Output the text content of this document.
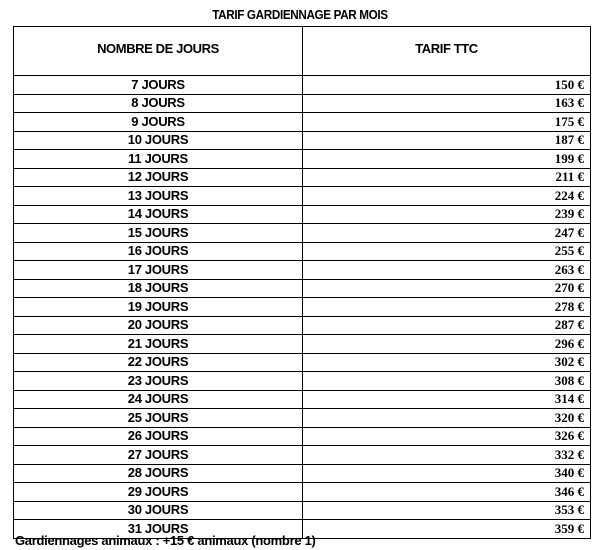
TARIF GARDIENNAGE PAR MOIS
NOMBRE DE JOURS	TARIF TTC
7 JOURS	150 €
8 JOURS	163 €
9 JOURS	175 €
10 JOURS	187 €
11 JOURS	199 €
12 JOURS	211 €
13 JOURS	224 €
14 JOURS	239 €
15 JOURS	247 €
16 JOURS	255 €
17 JOURS	263 €
18 JOURS	270 €
19 JOURS	278 €
20 JOURS	287 €
21 JOURS	296 €
22 JOURS	302 €
23 JOURS	308 €
24 JOURS	314 €
25 JOURS	320 €
26 JOURS	326 €
27 JOURS	332 €
28 JOURS	340 €
29 JOURS	346 €
30 JOURS	353 €
31 JOURS	359 €
Gardiennages animaux : +15 € animaux (nombre 1)
